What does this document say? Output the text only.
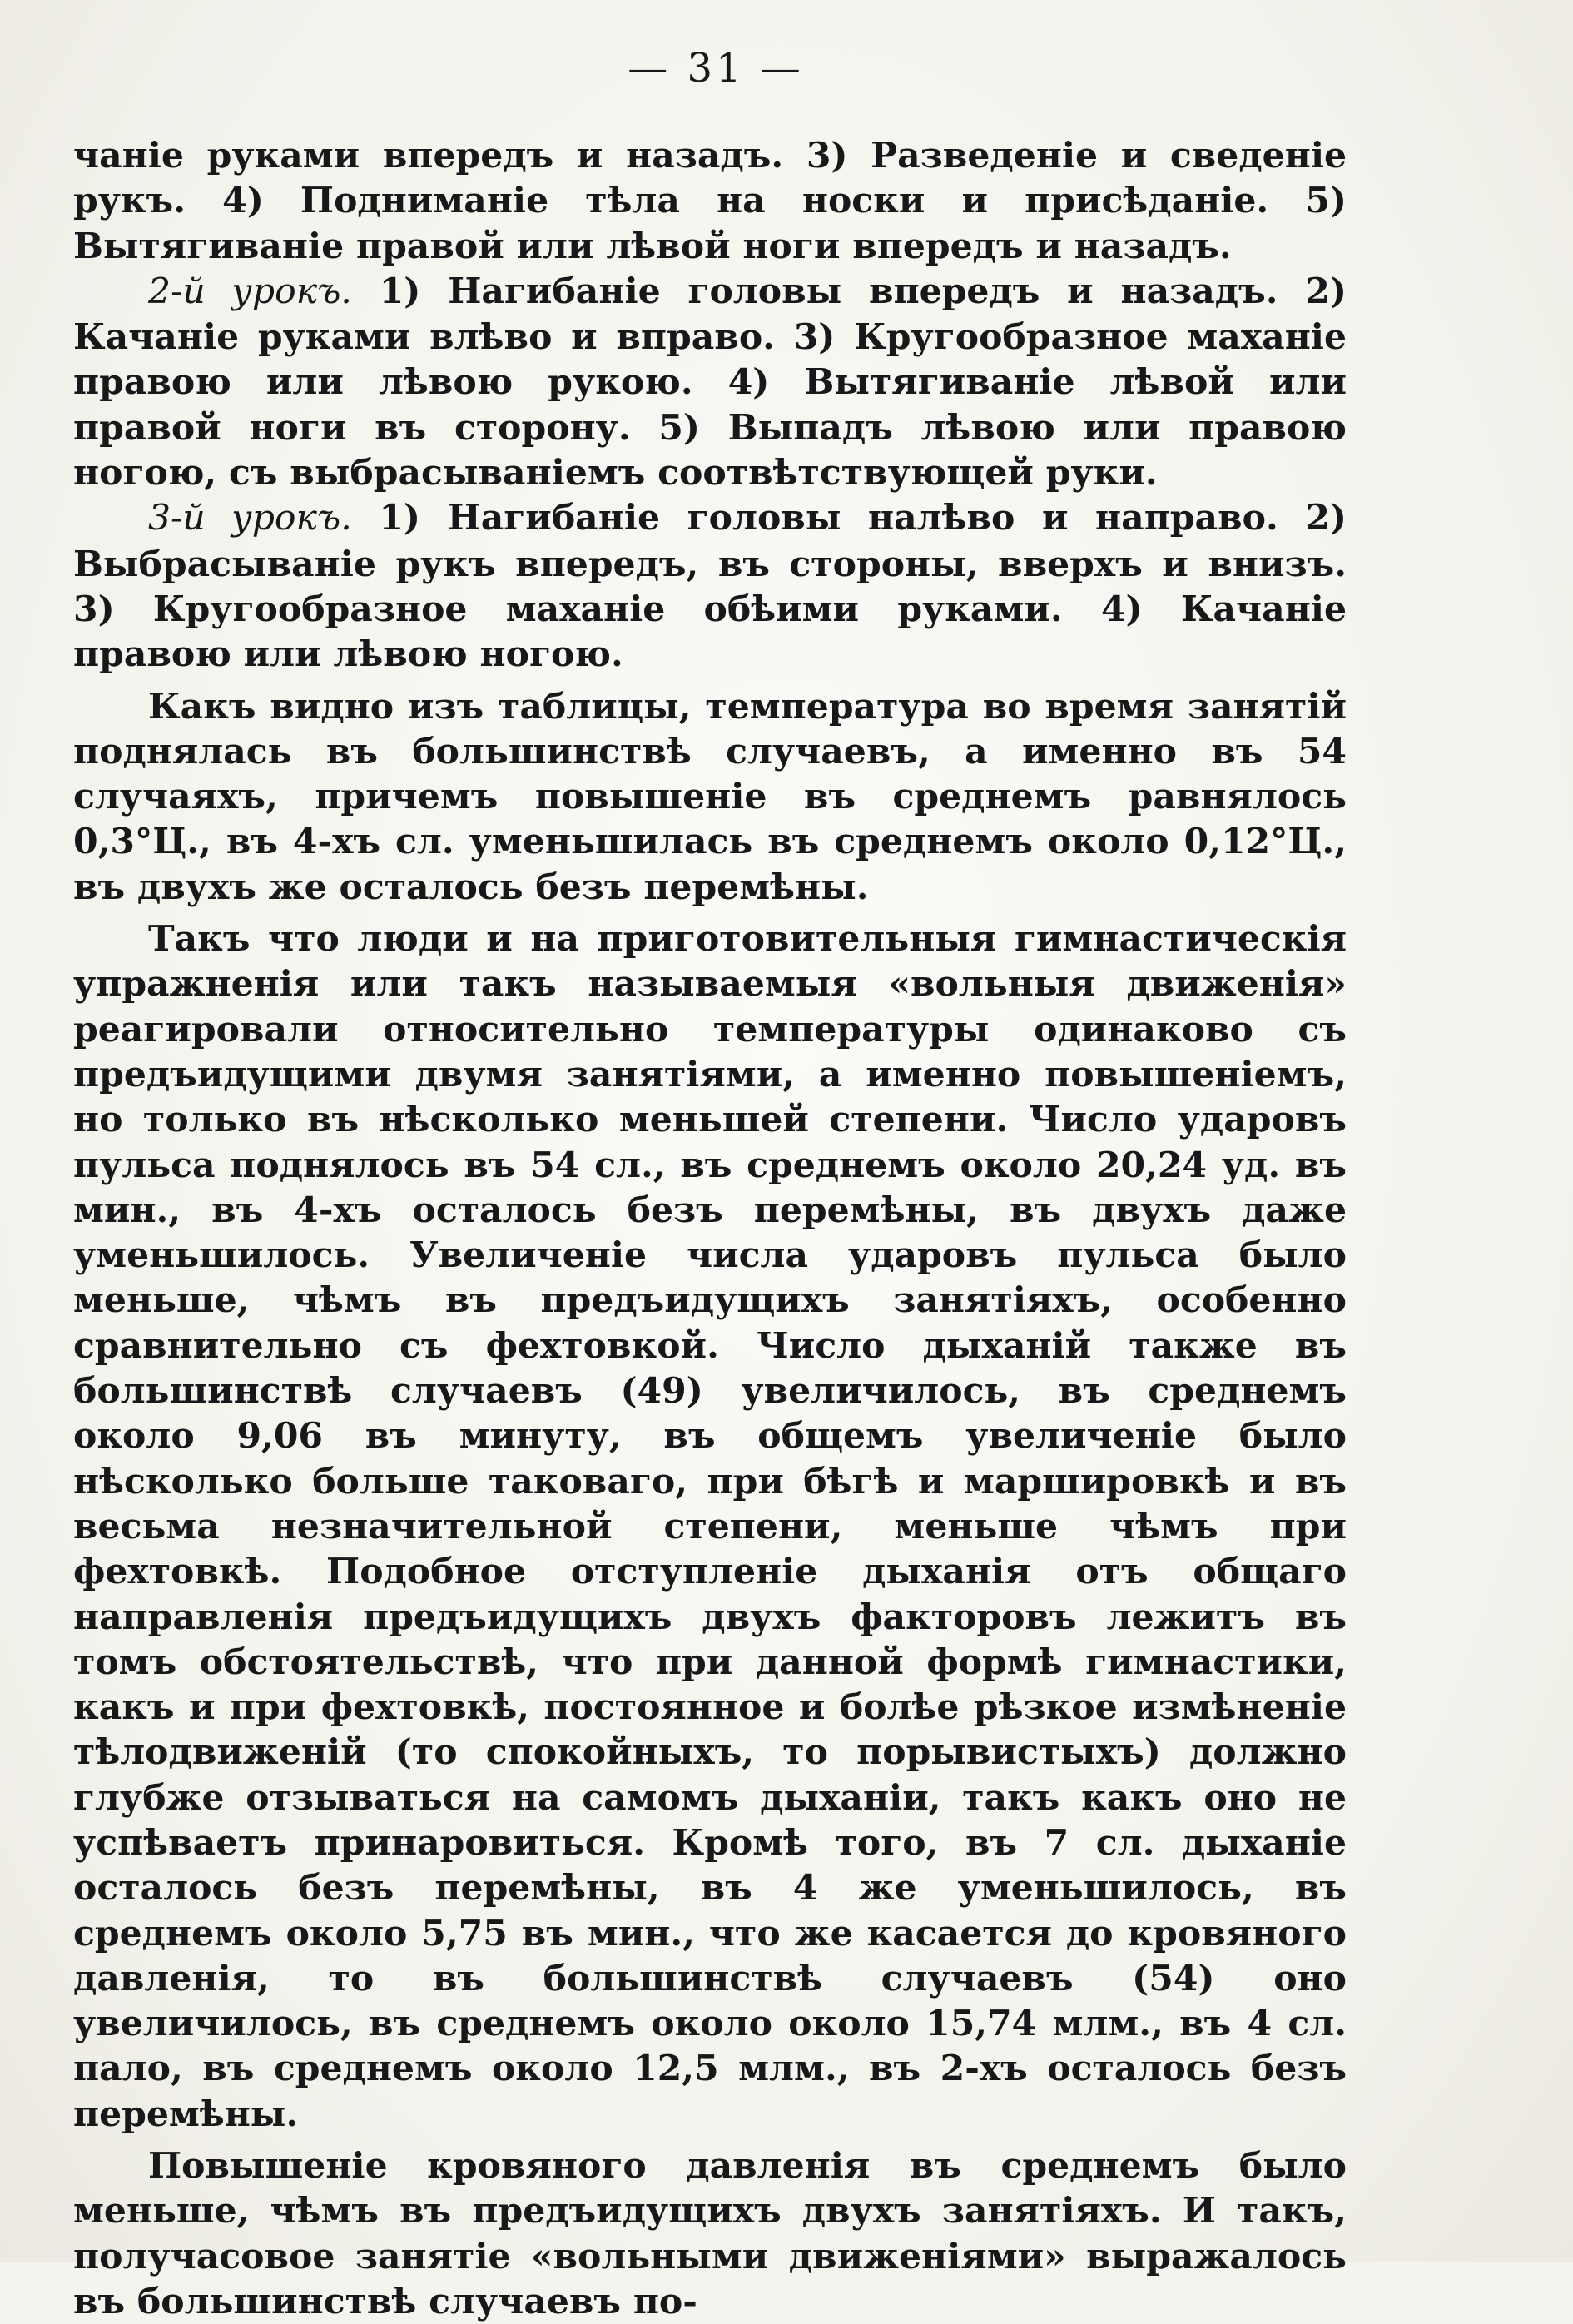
— 31 —

чаніе руками впередъ и назадъ. 3) Разведеніе и сведеніе рукъ. 4) Подниманіе тѣла на носки и присѣданіе. 5) Вытягиваніе правой или лѣвой ноги впередъ и назадъ.

2-й урокъ. 1) Нагибаніе головы впередъ и назадъ. 2) Качаніе руками влѣво и вправо. 3) Кругообразное маханіе правою или лѣвою рукою. 4) Вытягиваніе лѣвой или правой ноги въ сторону. 5) Выпадъ лѣвою или правою ногою, съ выбрасываніемъ соотвѣтствующей руки.

3-й урокъ. 1) Нагибаніе головы налѣво и направо. 2) Выбрасываніе рукъ впередъ, въ стороны, вверхъ и внизъ. 3) Кругообразное маханіе обѣими руками. 4) Качаніе правою или лѣвою ногою.

Какъ видно изъ таблицы, температура во время занятій поднялась въ большинствѣ случаевъ, а именно въ 54 случаяхъ, причемъ повышеніе въ среднемъ равнялось 0,3°Ц., въ 4-хъ сл. уменьшилась въ среднемъ около 0,12°Ц., въ двухъ же осталось безъ перемѣны.

Такъ что люди и на приготовительныя гимнастическія упражненія или такъ называемыя «вольныя движенія» реагировали относительно температуры одинаково съ предъидущими двумя занятіями, а именно повышеніемъ, но только въ нѣсколько меньшей степени. Число ударовъ пульса поднялось въ 54 сл., въ среднемъ около 20,24 уд. въ мин., въ 4-хъ осталось безъ перемѣны, въ двухъ даже уменьшилось. Увеличеніе числа ударовъ пульса было меньше, чѣмъ въ предъидущихъ занятіяхъ, особенно сравнительно съ фехтовкой. Число дыханій также въ большинствѣ случаевъ (49) увеличилось, въ среднемъ около 9,06 въ минуту, въ общемъ увеличеніе было нѣсколько больше таковаго, при бѣгѣ и маршировкѣ и въ весьма незначительной степени, меньше чѣмъ при фехтовкѣ. Подобное отступленіе дыханія отъ общаго направленія предъидущихъ двухъ факторовъ лежитъ въ томъ обстоятельствѣ, что при данной формѣ гимнастики, какъ и при фехтовкѣ, постоянное и болѣе рѣзкое измѣненіе тѣлодвиженій (то спокойныхъ, то порывистыхъ) должно глубже отзываться на самомъ дыханіи, такъ какъ оно не успѣваетъ принаровиться. Кромѣ того, въ 7 сл. дыханіе осталось безъ перемѣны, въ 4 же уменьшилось, въ среднемъ около 5,75 въ мин., что же касается до кровяного давленія, то въ большинствѣ случаевъ (54) оно увеличилось, въ среднемъ около около 15,74 млм., въ 4 сл. пало, въ среднемъ около 12,5 млм., въ 2-хъ осталось безъ перемѣны.

Повышеніе кровяного давленія въ среднемъ было меньше, чѣмъ въ предъидущихъ двухъ занятіяхъ. И такъ, получасовое занятіе «вольными движеніями» выражалось въ большинствѣ случаевъ по-
